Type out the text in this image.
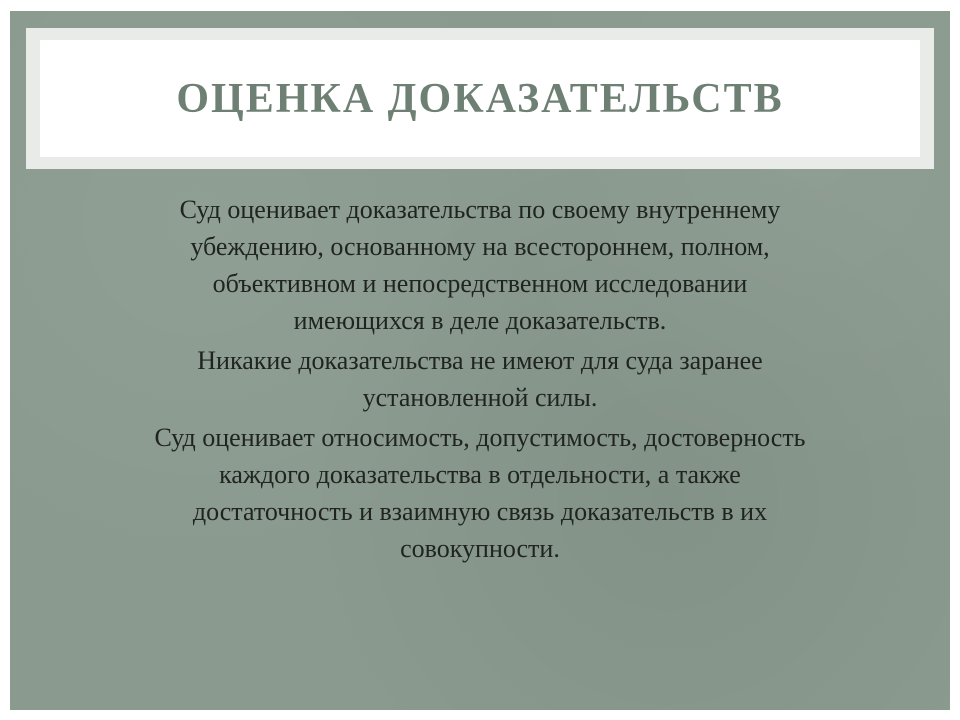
ОЦЕНКА ДОКАЗАТЕЛЬСТВ
Суд оценивает доказательства по своему внутреннему
убеждению, основанному на всестороннем, полном,
объективном и непосредственном исследовании
имеющихся в деле доказательств.
Никакие доказательства не имеют для суда заранее
установленной силы.
Суд оценивает относимость, допустимость, достоверность
каждого доказательства в отдельности, а также
достаточность и взаимную связь доказательств в их
совокупности.
